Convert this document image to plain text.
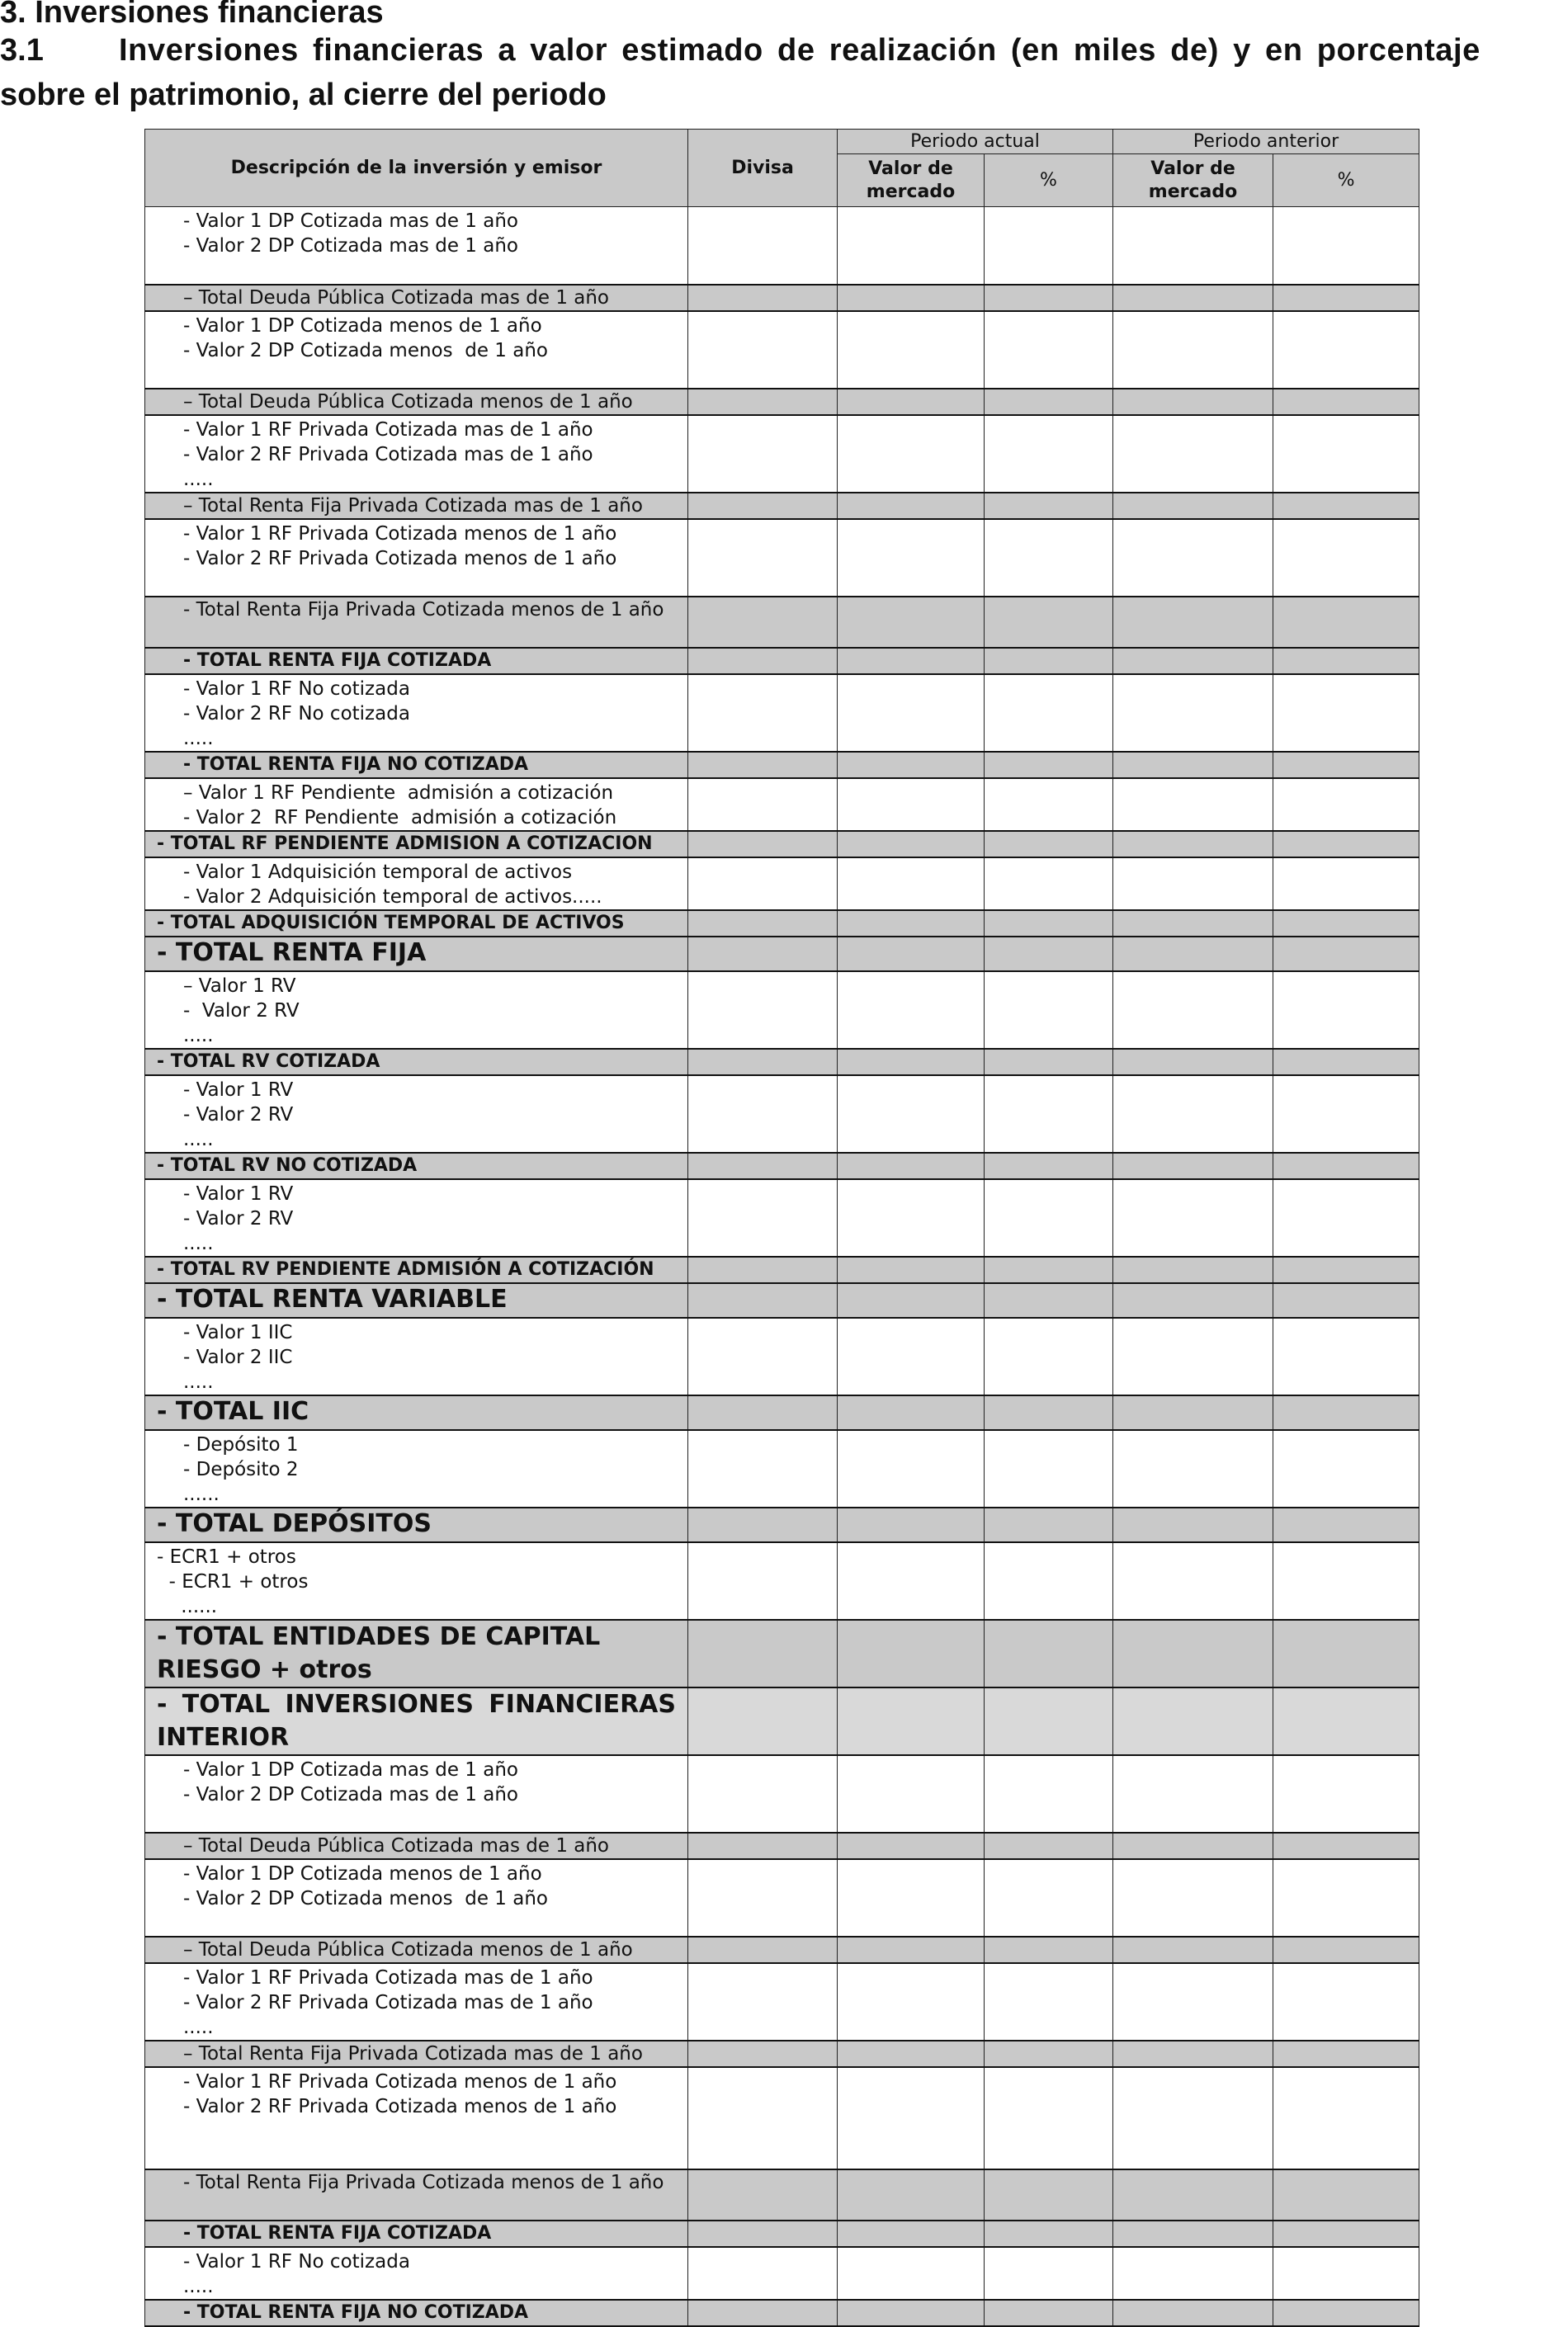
3. Inversiones financieras
3.1 Inversiones financieras a valor estimado de realización (en miles de) y en porcentaje
sobre el patrimonio, al cierre del periodo
Descripción de la inversión y emisor	Divisa	Periodo actual		Periodo anterior	
		Valor de mercado	%	Valor de mercado	%

- Valor 1 DP Cotizada mas de 1 año
- Valor 2 DP Cotizada mas de 1 año					

– Total Deuda Pública Cotizada mas de 1 año					

- Valor 1 DP Cotizada menos de 1 año
- Valor 2 DP Cotizada menos  de 1 año					

– Total Deuda Pública Cotizada menos de 1 año					

- Valor 1 RF Privada Cotizada mas de 1 año
- Valor 2 RF Privada Cotizada mas de 1 año
.....					

– Total Renta Fija Privada Cotizada mas de 1 año					

- Valor 1 RF Privada Cotizada menos de 1 año
- Valor 2 RF Privada Cotizada menos de 1 año					

- Total Renta Fija Privada Cotizada menos de 1 año					

- TOTAL RENTA FIJA COTIZADA					

- Valor 1 RF No cotizada
- Valor 2 RF No cotizada
.....					

- TOTAL RENTA FIJA NO COTIZADA					

– Valor 1 RF Pendiente  admisión a cotización
- Valor 2  RF Pendiente  admisión a cotización					

- TOTAL RF PENDIENTE ADMISION A COTIZACION					

- Valor 1 Adquisición temporal de activos
- Valor 2 Adquisición temporal de activos.....					

- TOTAL ADQUISICIÓN TEMPORAL DE ACTIVOS					

- TOTAL RENTA FIJA					

– Valor 1 RV
-  Valor 2 RV
.....					

- TOTAL RV COTIZADA					

- Valor 1 RV
- Valor 2 RV
.....					

- TOTAL RV NO COTIZADA					

- Valor 1 RV
- Valor 2 RV
.....					

- TOTAL RV PENDIENTE ADMISIÓN A COTIZACIÓN					

- TOTAL RENTA VARIABLE					

- Valor 1 IIC
- Valor 2 IIC
.....					

- TOTAL IIC					

- Depósito 1
- Depósito 2
......					

- TOTAL DEPÓSITOS					

- ECR1 + otros
- ECR1 + otros
......					

- TOTAL ENTIDADES DE CAPITAL RIESGO + otros					

- TOTAL INVERSIONES FINANCIERAS INTERIOR					

- Valor 1 DP Cotizada mas de 1 año
- Valor 2 DP Cotizada mas de 1 año					

– Total Deuda Pública Cotizada mas de 1 año					

- Valor 1 DP Cotizada menos de 1 año
- Valor 2 DP Cotizada menos  de 1 año					

– Total Deuda Pública Cotizada menos de 1 año					

- Valor 1 RF Privada Cotizada mas de 1 año
- Valor 2 RF Privada Cotizada mas de 1 año
.....					

– Total Renta Fija Privada Cotizada mas de 1 año					

- Valor 1 RF Privada Cotizada menos de 1 año
- Valor 2 RF Privada Cotizada menos de 1 año					

- Total Renta Fija Privada Cotizada menos de 1 año					

- TOTAL RENTA FIJA COTIZADA					

- Valor 1 RF No cotizada
.....					

- TOTAL RENTA FIJA NO COTIZADA					
